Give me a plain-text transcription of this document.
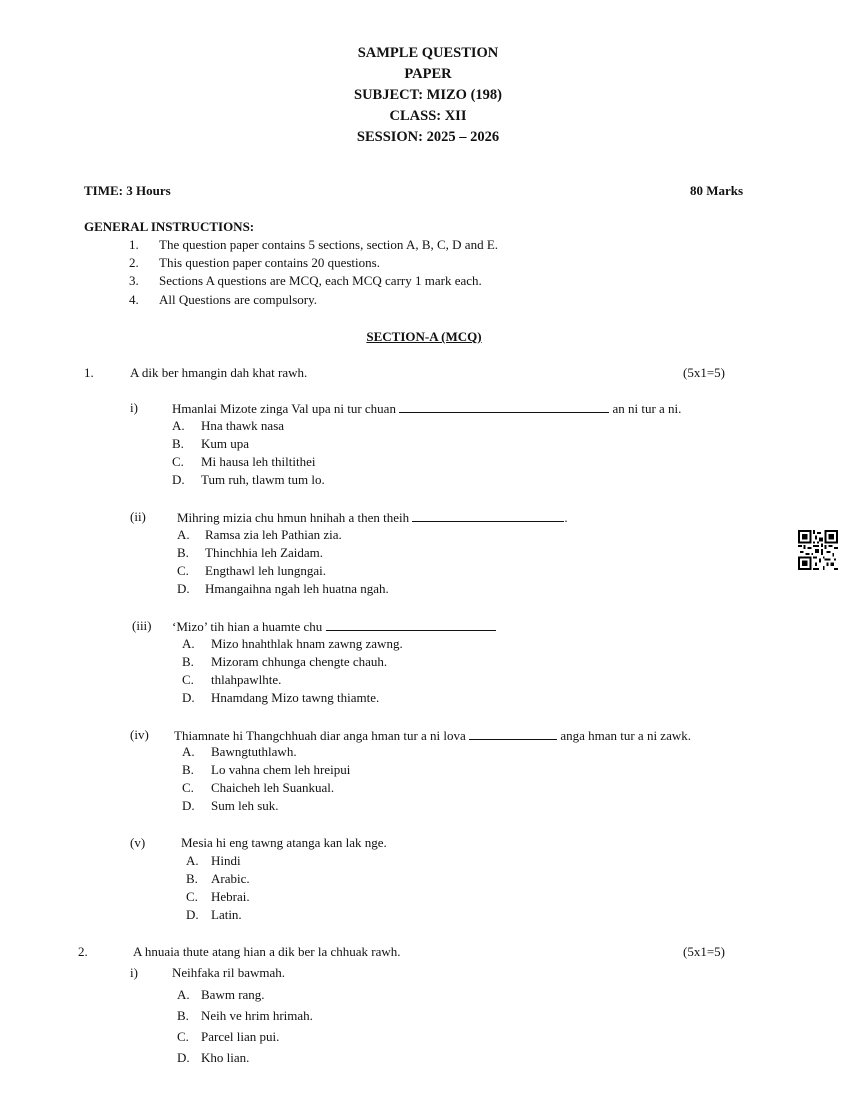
SAMPLE QUESTION
PAPER
SUBJECT: MIZO (198)
CLASS: XII
SESSION: 2025 – 2026
TIME: 3 Hours	80 Marks
GENERAL INSTRUCTIONS:
1. The question paper contains 5 sections, section A, B, C, D and E.
2. This question paper contains 20 questions.
3. Sections A questions are MCQ, each MCQ carry 1 mark each.
4. All Questions are compulsory.
SECTION-A (MCQ)
1.	A dik ber hmangin dah khat rawh.	(5x1=5)
i)	Hmanlai Mizote zinga Val upa ni tur chuan	an ni tur a ni.
A. Hna thawk nasa
B. Kum upa
C. Mi hausa leh thiltithei
D. Tum ruh, tlawm tum lo.
(ii) Mihring mizia chu hmun hnihah a then theih	.
A. Ramsa zia leh Pathian zia.
B. Thinchhia leh Zaidam.
C. Engthawl leh lungngai.
D. Hmangaihna ngah leh huatna ngah.
(iii) ‘Mizo’ tih hian a huamte chu
A. Mizo hnahthlak hnam zawng zawng.
B. Mizoram chhunga chengte chauh.
C. thlahpawlhte.
D. Hnamdang Mizo tawng thiamte.
(iv) Thiamnate hi Thangchhuah diar anga hman tur a ni lova	anga hman tur a ni zawk.
A. Bawngtuthlawh.
B. Lo vahna chem leh hreipui
C. Chaicheh leh Suankual.
D. Sum leh suk.
(v)	Mesia hi eng tawng atanga kan lak nge.
A. Hindi
B. Arabic.
C. Hebrai.
D. Latin.
2.	A hnuaia thute atang hian a dik ber la chhuak rawh.	(5x1=5)
i)	Neihfaka ril bawmah.
A. Bawm rang.
B. Neih ve hrim hrimah.
C. Parcel lian pui.
D. Kho lian.
